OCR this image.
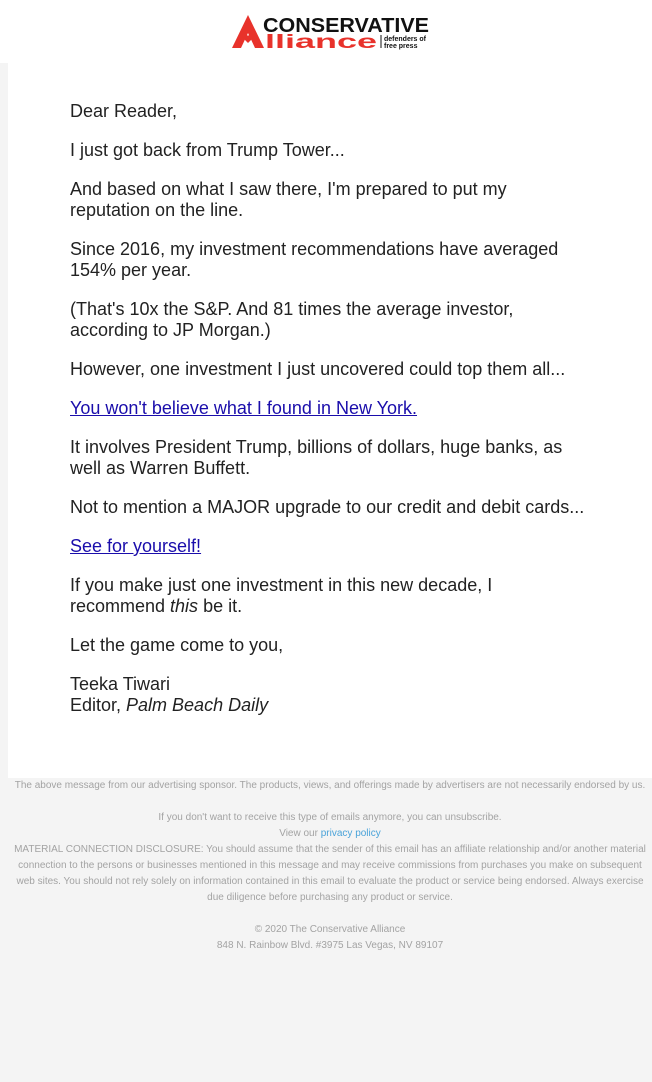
CONSERVATIVE
lliance defenders of
free press

Dear Reader,

I just got back from Trump Tower...

And based on what I saw there, I'm prepared to put my reputation on the line.

Since 2016, my investment recommendations have averaged 154% per year.

(That's 10x the S&P. And 81 times the average investor, according to JP Morgan.)

However, one investment I just uncovered could top them all...

You won't believe what I found in New York.

It involves President Trump, billions of dollars, huge banks, as well as Warren Buffett.

Not to mention a MAJOR upgrade to our credit and debit cards...

See for yourself!

If you make just one investment in this new decade, I recommend this be it.

Let the game come to you,

Teeka Tiwari
Editor, Palm Beach Daily

The above message from our advertising sponsor. The products, views, and offerings made by advertisers are not necessarily endorsed by us.

If you don't want to receive this type of emails anymore, you can unsubscribe.

View our privacy policy

MATERIAL CONNECTION DISCLOSURE: You should assume that the sender of this email has an affiliate relationship and/or another material connection to the persons or businesses mentioned in this message and may receive commissions from purchases you make on subsequent web sites. You should not rely solely on information contained in this email to evaluate the product or service being endorsed. Always exercise due diligence before purchasing any product or service.

© 2020 The Conservative Alliance

848 N. Rainbow Blvd. #3975 Las Vegas, NV 89107
